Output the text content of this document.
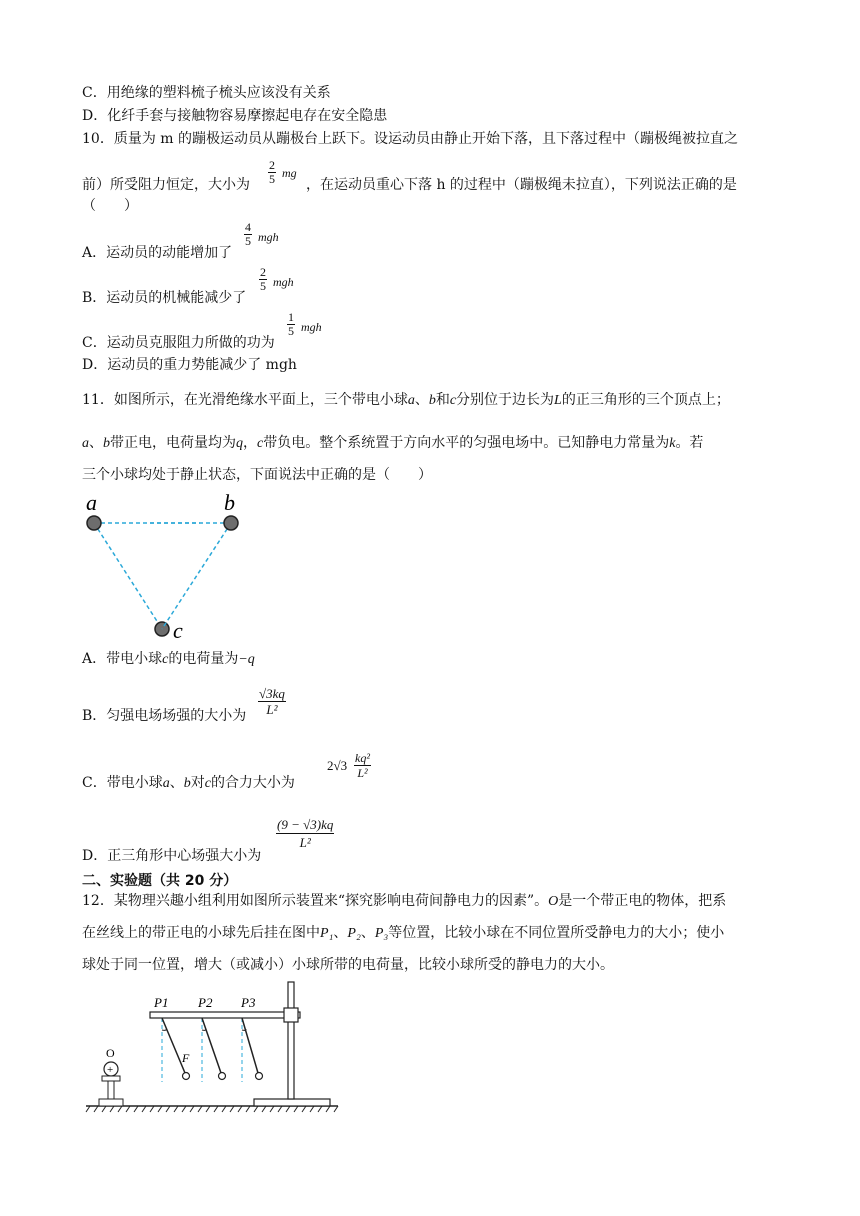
C．用绝缘的塑料梳子梳头应该没有关系
D．化纤手套与接触物容易摩擦起电存在安全隐患
10．质量为 m 的蹦极运动员从蹦极台上跃下。设运动员由静止开始下落，且下落过程中（蹦极绳被拉直之
前）所受阻力恒定，大小为	，在运动员重心下落 h 的过程中（蹦极绳未拉直），下列说法正确的是
$\frac{2}{5}$ mg
（　　）
A．运动员的动能增加了
$\frac{4}{5}$ mgh
B．运动员的机械能减少了
$\frac{2}{5}$ mgh
C．运动员克服阻力所做的功为
$\frac{1}{5}$ mgh
D．运动员的重力势能减少了 mgh
11．如图所示，在光滑绝缘水平面上，三个带电小球a、b和c分别位于边长为L的正三角形的三个顶点上；
a、b带正电，电荷量均为q，c带负电。整个系统置于方向水平的匀强电场中。已知静电力常量为k。若
三个小球均处于静止状态，下面说法中正确的是（　　）
a
c
b
A．带电小球c的电荷量为−q
B．匀强电场场强的大小为 $\frac{√3kq}{\text{L²}}$
C．带电小球a、b对c的合力大小为
$2√3 \frac{\text{kq²}}{\text{L²}}$
D．正三角形中心场强大小为
$\frac{(9 - √3)kq}{\text{L²}}$
二、实验题（共 20 分）
12．某物理兴趣小组利用如图所示装置来“探究影响电荷间静电力的因素”。O是一个带正电的物体，把系
在丝线上的带正电的小球先后挂在图中P₁、P₂、P₃等位置，比较小球在不同位置所受静电力的大小；使小
球处于同一位置，增大（或减小）小球所带的电荷量，比较小球所受的静电力的大小。
P1 P2 P3
F
O
+
